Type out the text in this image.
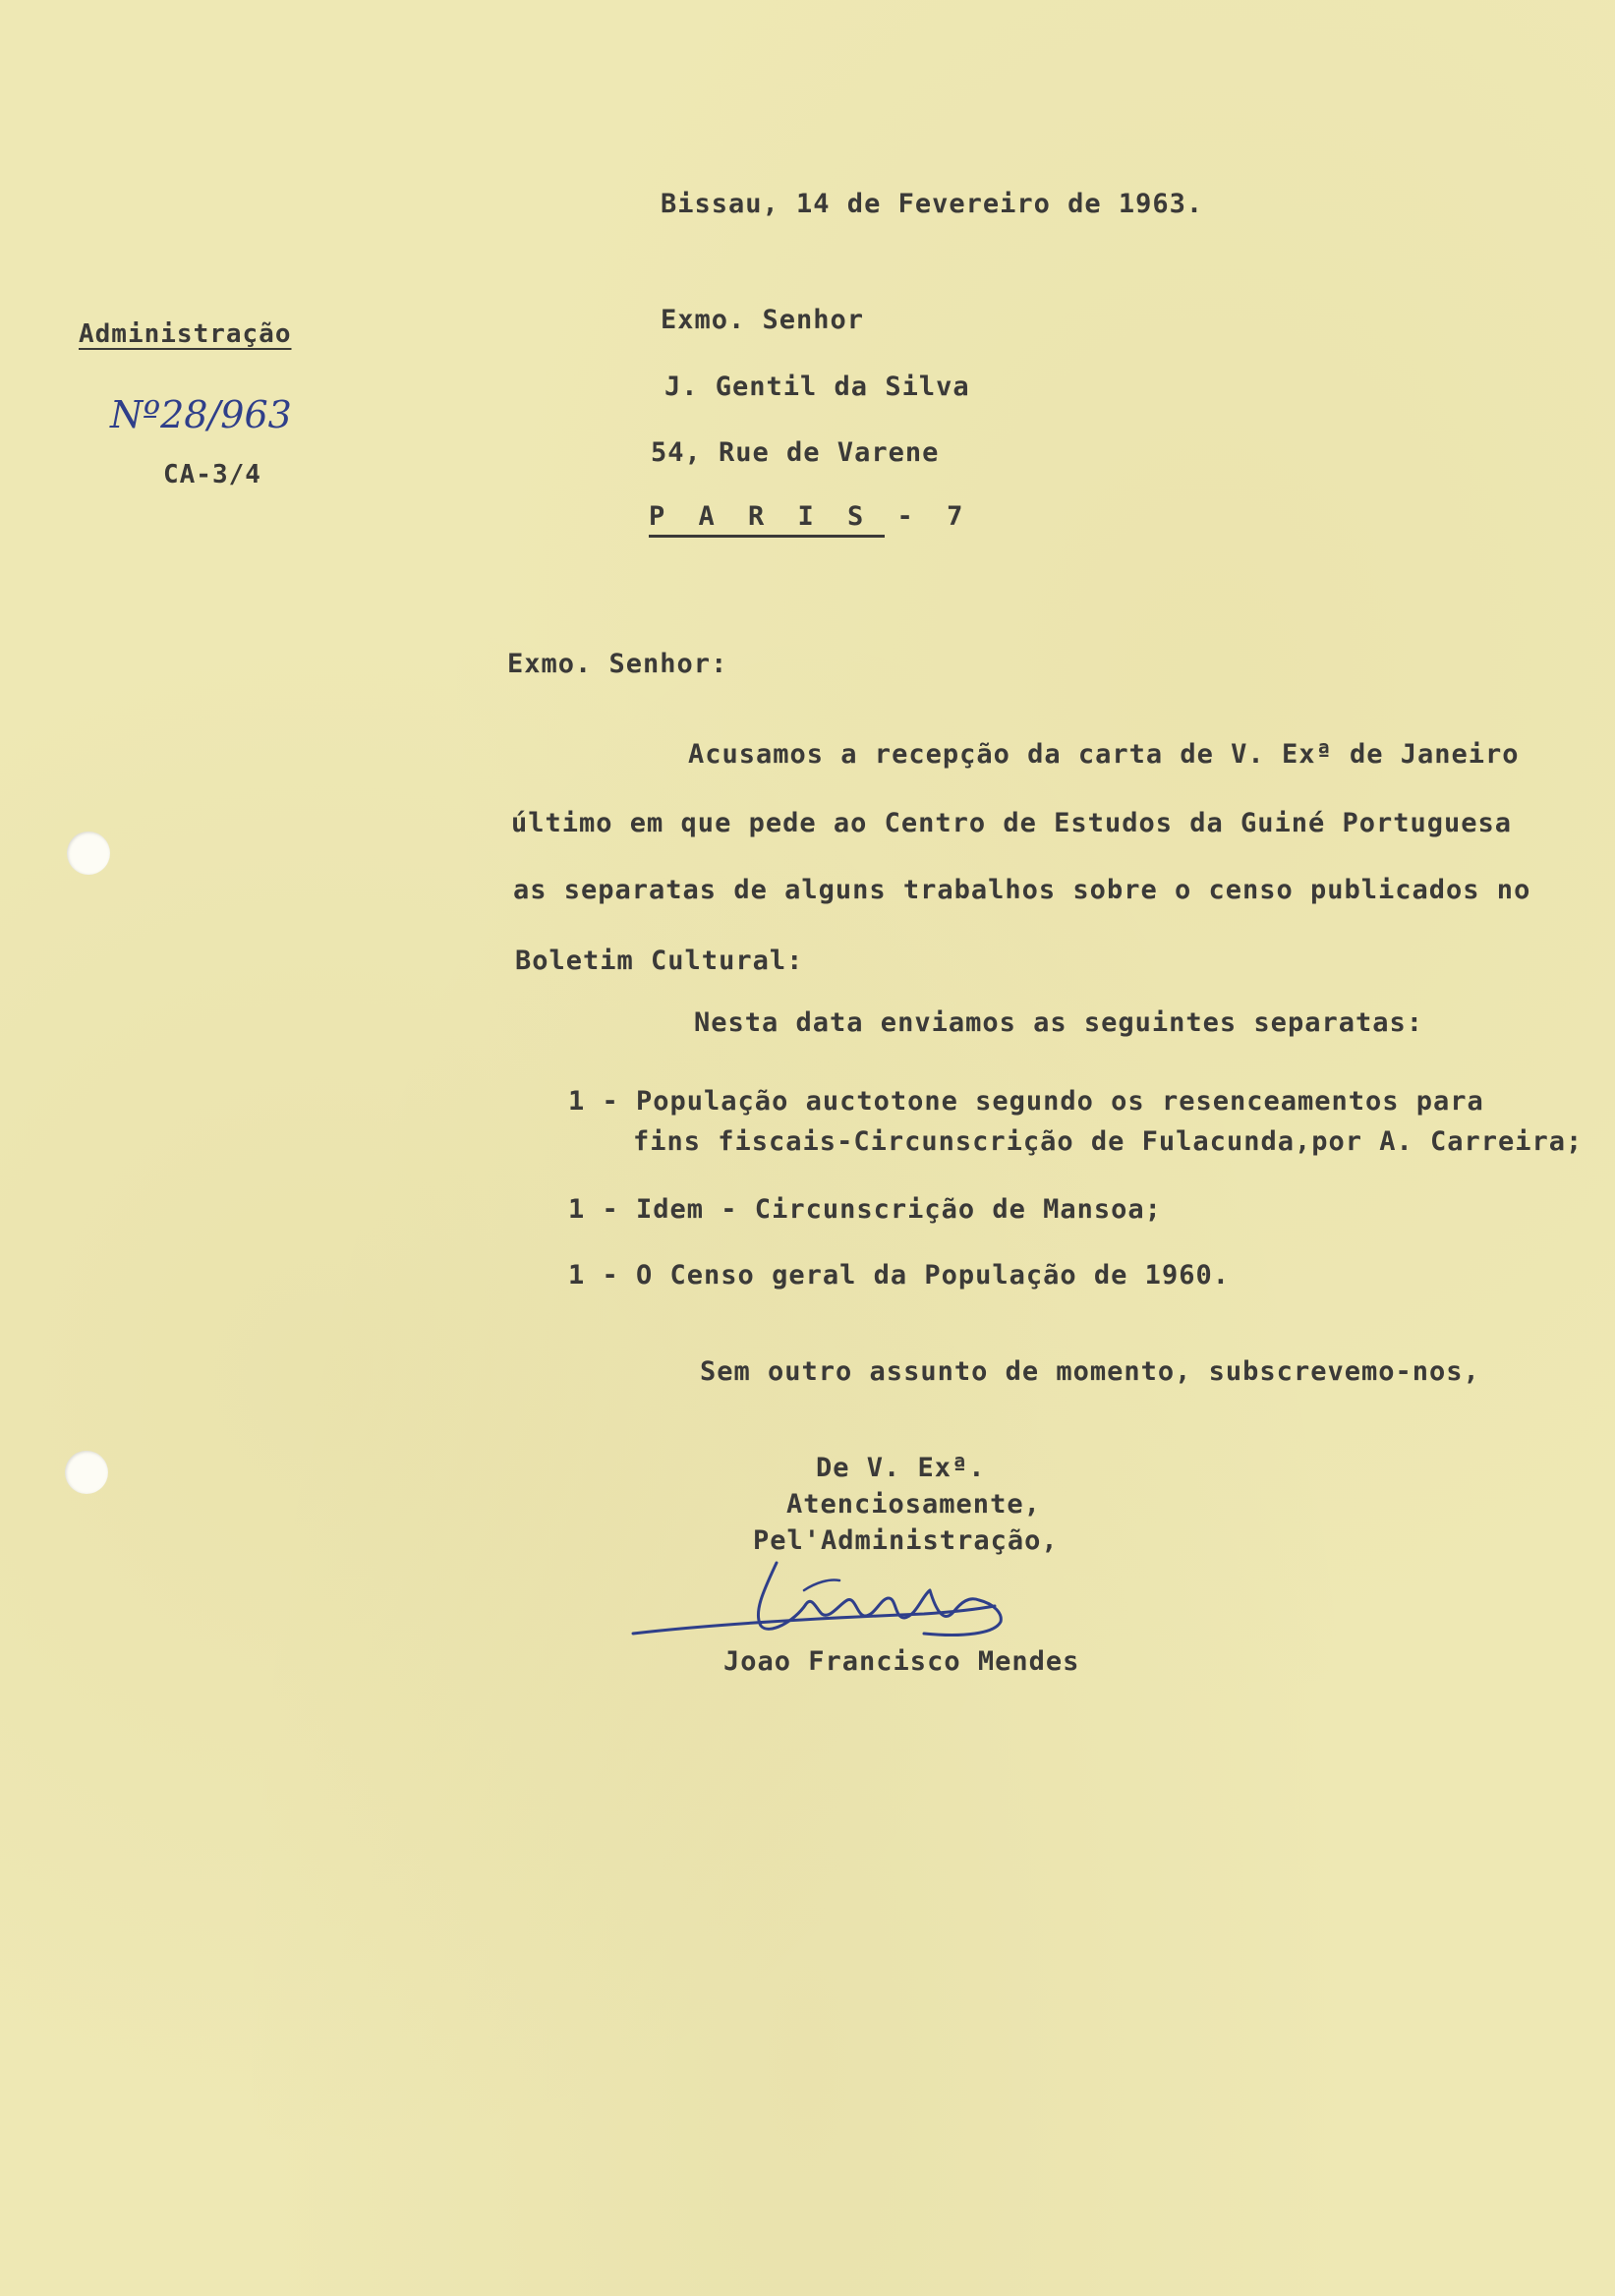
Bissau, 14 de Fevereiro de 1963.
Administração
Nº28/963
CA-3/4
Exmo. Senhor
J. Gentil da Silva
54, Rue de Varene
P A R I S - 7
Exmo. Senhor:
Acusamos a recepção da carta de V. Exª de Janeiro
último em que pede ao Centro de Estudos da Guiné Portuguesa
as separatas de alguns trabalhos sobre o censo publicados no
Boletim Cultural:
Nesta data enviamos as seguintes separatas:
1 - População auctotone segundo os resenceamentos para
fins fiscais-Circunscrição de Fulacunda,por A. Carreira;
1 - Idem - Circunscrição de Mansoa;
1 - O Censo geral da População de 1960.
Sem outro assunto de momento, subscrevemo-nos,
De V. Exª.
Atenciosamente,
Pel'Administração,
Joao Francisco Mendes
